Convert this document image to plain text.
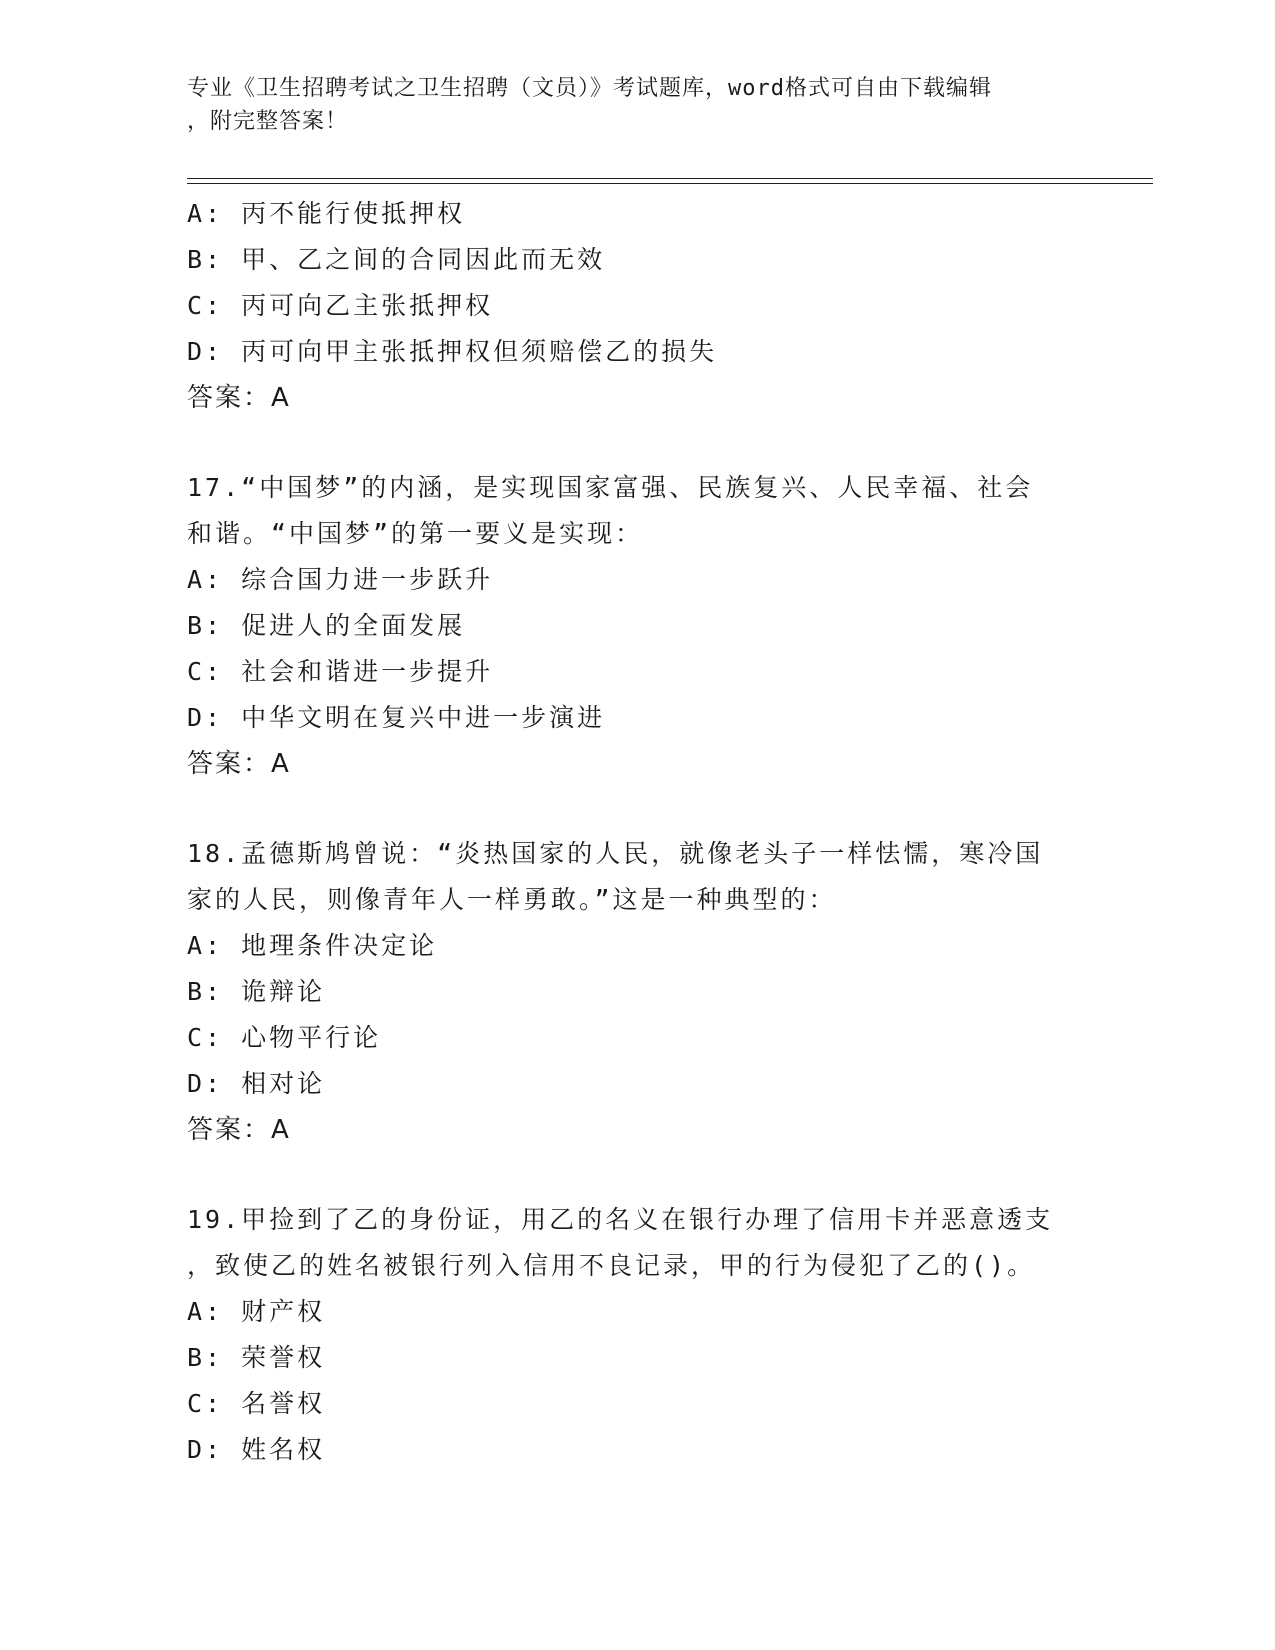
专业《卫生招聘考试之卫生招聘（文员）》考试题库，word格式可自由下载编辑
，附完整答案！
A: 丙不能行使抵押权
B: 甲、乙之间的合同因此而无效
C: 丙可向乙主张抵押权
D: 丙可向甲主张抵押权但须赔偿乙的损失
答案：A
17.“中国梦”的内涵，是实现国家富强、民族复兴、人民幸福、社会
和谐。“中国梦”的第一要义是实现：
A: 综合国力进一步跃升
B: 促进人的全面发展
C: 社会和谐进一步提升
D: 中华文明在复兴中进一步演进
答案：A
18.孟德斯鸠曾说：“炎热国家的人民，就像老头子一样怯懦，寒冷国
家的人民，则像青年人一样勇敢。”这是一种典型的：
A: 地理条件决定论
B: 诡辩论
C: 心物平行论
D: 相对论
答案：A
19.甲捡到了乙的身份证，用乙的名义在银行办理了信用卡并恶意透支
，致使乙的姓名被银行列入信用不良记录，甲的行为侵犯了乙的()。
A: 财产权
B: 荣誉权
C: 名誉权
D: 姓名权
